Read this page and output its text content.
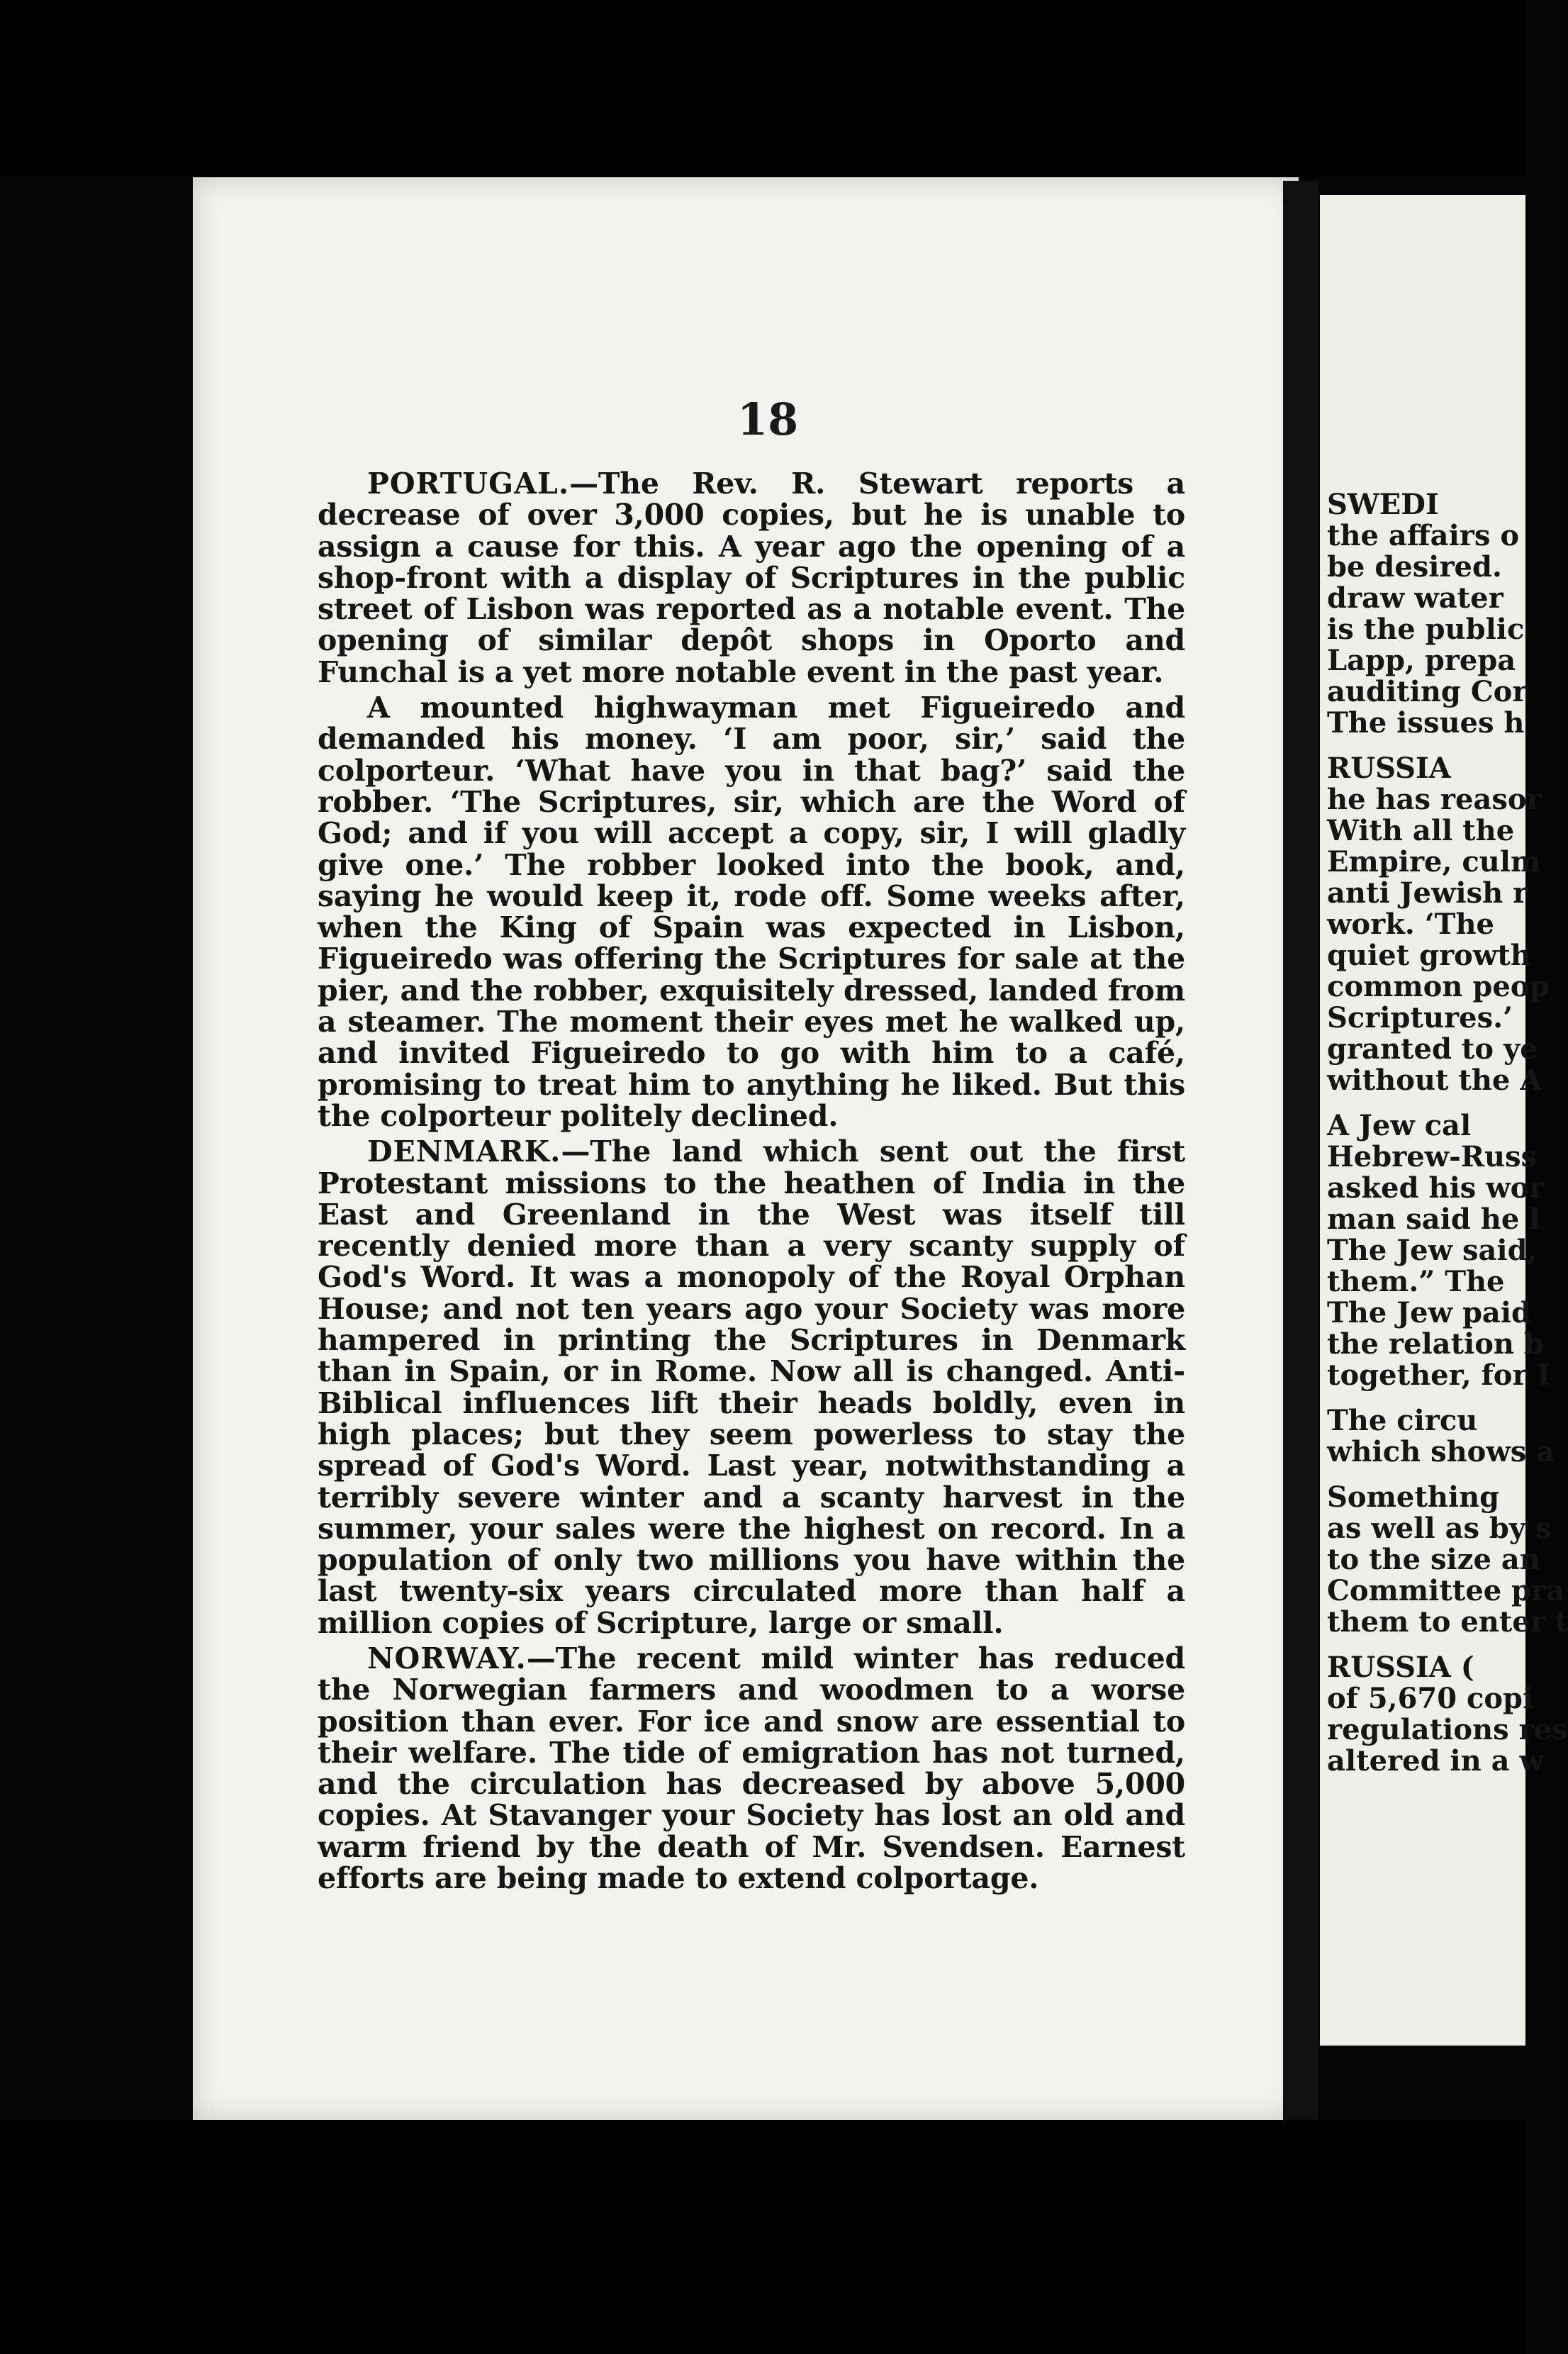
18

PORTUGAL.—The Rev. R. Stewart reports a decrease of over 3,000 copies, but he is unable to assign a cause for this. A year ago the opening of a shop-front with a display of Scriptures in the public street of Lisbon was reported as a notable event. The opening of similar depôt shops in Oporto and Funchal is a yet more notable event in the past year.

A mounted highwayman met Figueiredo and demanded his money. ‘I am poor, sir,’ said the colporteur. ‘What have you in that bag?’ said the robber. ‘The Scriptures, sir, which are the Word of God; and if you will accept a copy, sir, I will gladly give one.’ The robber looked into the book, and, saying he would keep it, rode off. Some weeks after, when the King of Spain was expected in Lisbon, Figueiredo was offering the Scriptures for sale at the pier, and the robber, exquisitely dressed, landed from a steamer. The moment their eyes met he walked up, and invited Figueiredo to go with him to a café, promising to treat him to anything he liked. But this the colporteur politely declined.

DENMARK.—The land which sent out the first Protestant missions to the heathen of India in the East and Greenland in the West was itself till recently denied more than a very scanty supply of God's Word. It was a monopoly of the Royal Orphan House; and not ten years ago your Society was more hampered in printing the Scriptures in Denmark than in Spain, or in Rome. Now all is changed. Anti-Biblical influences lift their heads boldly, even in high places; but they seem powerless to stay the spread of God's Word. Last year, notwithstanding a terribly severe winter and a scanty harvest in the summer, your sales were the highest on record. In a population of only two millions you have within the last twenty-six years circulated more than half a million copies of Scripture, large or small.

NORWAY.—The recent mild winter has reduced the Norwegian farmers and woodmen to a worse position than ever. For ice and snow are essential to their welfare. The tide of emigration has not turned, and the circulation has decreased by above 5,000 copies. At Stavanger your Society has lost an old and warm friend by the death of Mr. Svendsen. Earnest efforts are being made to extend colportage.

SWEDI
the affairs o
be desired.
draw water
is the public
Lapp, prepa
auditing Cor
The issues h
RUSSIA
he has reasor
With all the
Empire, culm
anti Jewish r
work. ‘The
quiet growth
common peop
Scriptures.’
granted to ye
without the A
A Jew cal
Hebrew-Russ
asked his wor
man said he l
The Jew said,
them.” The
The Jew paid
the relation b
together, for I
The circu
which shows a
Something
as well as by s
to the size an
Committee pra
them to enter t
RUSSIA (
of 5,670 copi
regulations res
altered in a w
